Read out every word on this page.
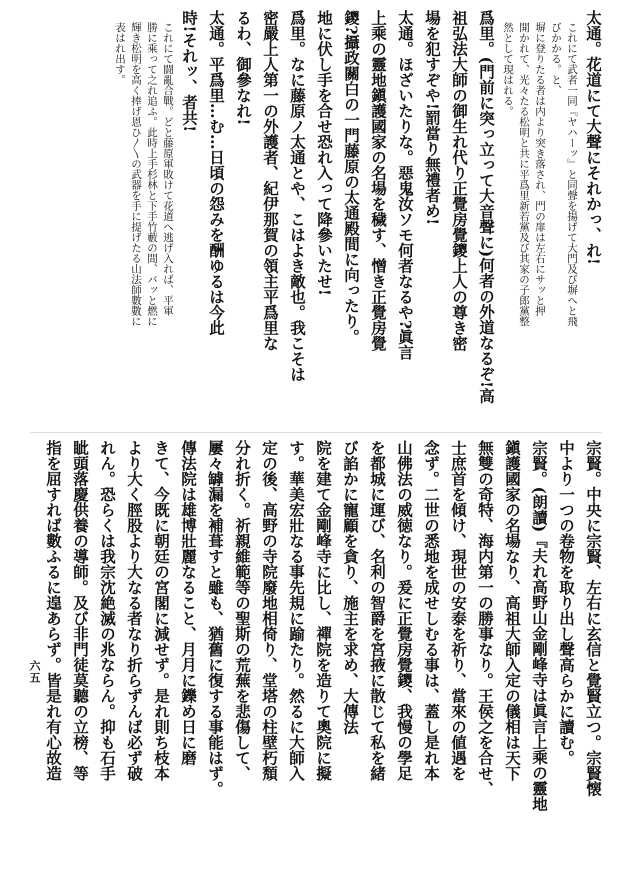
太通。花道にて大聲にそれかっ、れ!

これにて武者一同『ヤハーッ』と同聲を揚げて大門及び塀へと飛

びかかる。と、

塀に登りたる者は内より突き落され、門の扉は左右にサッと押

開かれて、光々たる松明と共に平爲里新若黨及び其家の子郎黨整

然として現はれる。

爲里。(門前に突っ立って大音聲に)何者の外道なるぞ!高

祖弘法大師の御生れ代り正覺房覺鑁上人の尊き密

場を犯すぞや!罰當り無禮者め!

太通。ほざいたりな。惡鬼汝ソモ何者なるや?眞言

上乘の靈地鎭護國家の名場を穢す、憎き正覺房覺

鑁?攝政關白の一門藤原の太通殿間に向ったり。

地に伏し手を合せ恐れ入って降參いたせ!

爲里。なに藤原ノ太通とや、こはよき敵也。我こそは

密嚴上人第一の外護者、紀伊那賀の領主平爲里な

るわ、御參なれ!

太通。平爲里…む…日頃の怨みを酬ゆるは今此

時!それッ、者共!

これにて闘亂合戰。どと藤原軍敗けて花道へ逃げ入れば、平軍

勝に乘って之れ追ふ。此時上手杉林と下手竹藪の間、バッと燃に

輝き松明を高く捧げ恩ひ〳〵の武器を手に提げたる山法師數數に

表はれ出す。

宗賢。中央に宗賢、左右に玄信と覺賢立つ。宗賢懐

中より一つの卷物を取り出し聲高らかに讀む。

宗賢。(朗讀)『夫れ高野山金剛峰寺は眞言上乘の靈地

鎭護國家の名場なり、高祖大師入定の儀相は天下

無雙の奇特、海内第一の勝事なり。王侯之を合せ、

士庶首を傾け、現世の安泰を祈り、當來の値遇を

念ず。二世の悉地を成せしむる事は、蓋し是れ本

山佛法の威徳なり。爰に正覺房覺鑁、我慢の學足

を都城に運び、名利の智爵を宮掖に散じて私を緒

び諂かに寵顧を貪り、施主を求め、大傳法

院を建て金剛峰寺に比し、禪院を造りて奧院に擬

す。華美宏壯なる事先規に踰たり。然るに大師入

定の後、高野の寺院廢地相倚り、堂塔の柱壁朽頽

分れ折く。祈親維範等の聖斯の荒蕪を悲傷して、

屢々罅漏を補葺すと雖も、猶舊に復する事能はず。

傳法院は雄博壯麗なること、月月に鑠め日に磨

きて、今既に朝廷の宮閣に減せず。是れ則ち枝本

より大く脛股より大なる者なり折らずんば必ず破

れん。恐らくは我宗沈絶滅の兆ならん。抑も石手

眦頭落慶供養の導師。及び非門徒莫聽の立榜、等

指を屈すれば數ふるに遑あらず。皆是れ有心故造

六五
